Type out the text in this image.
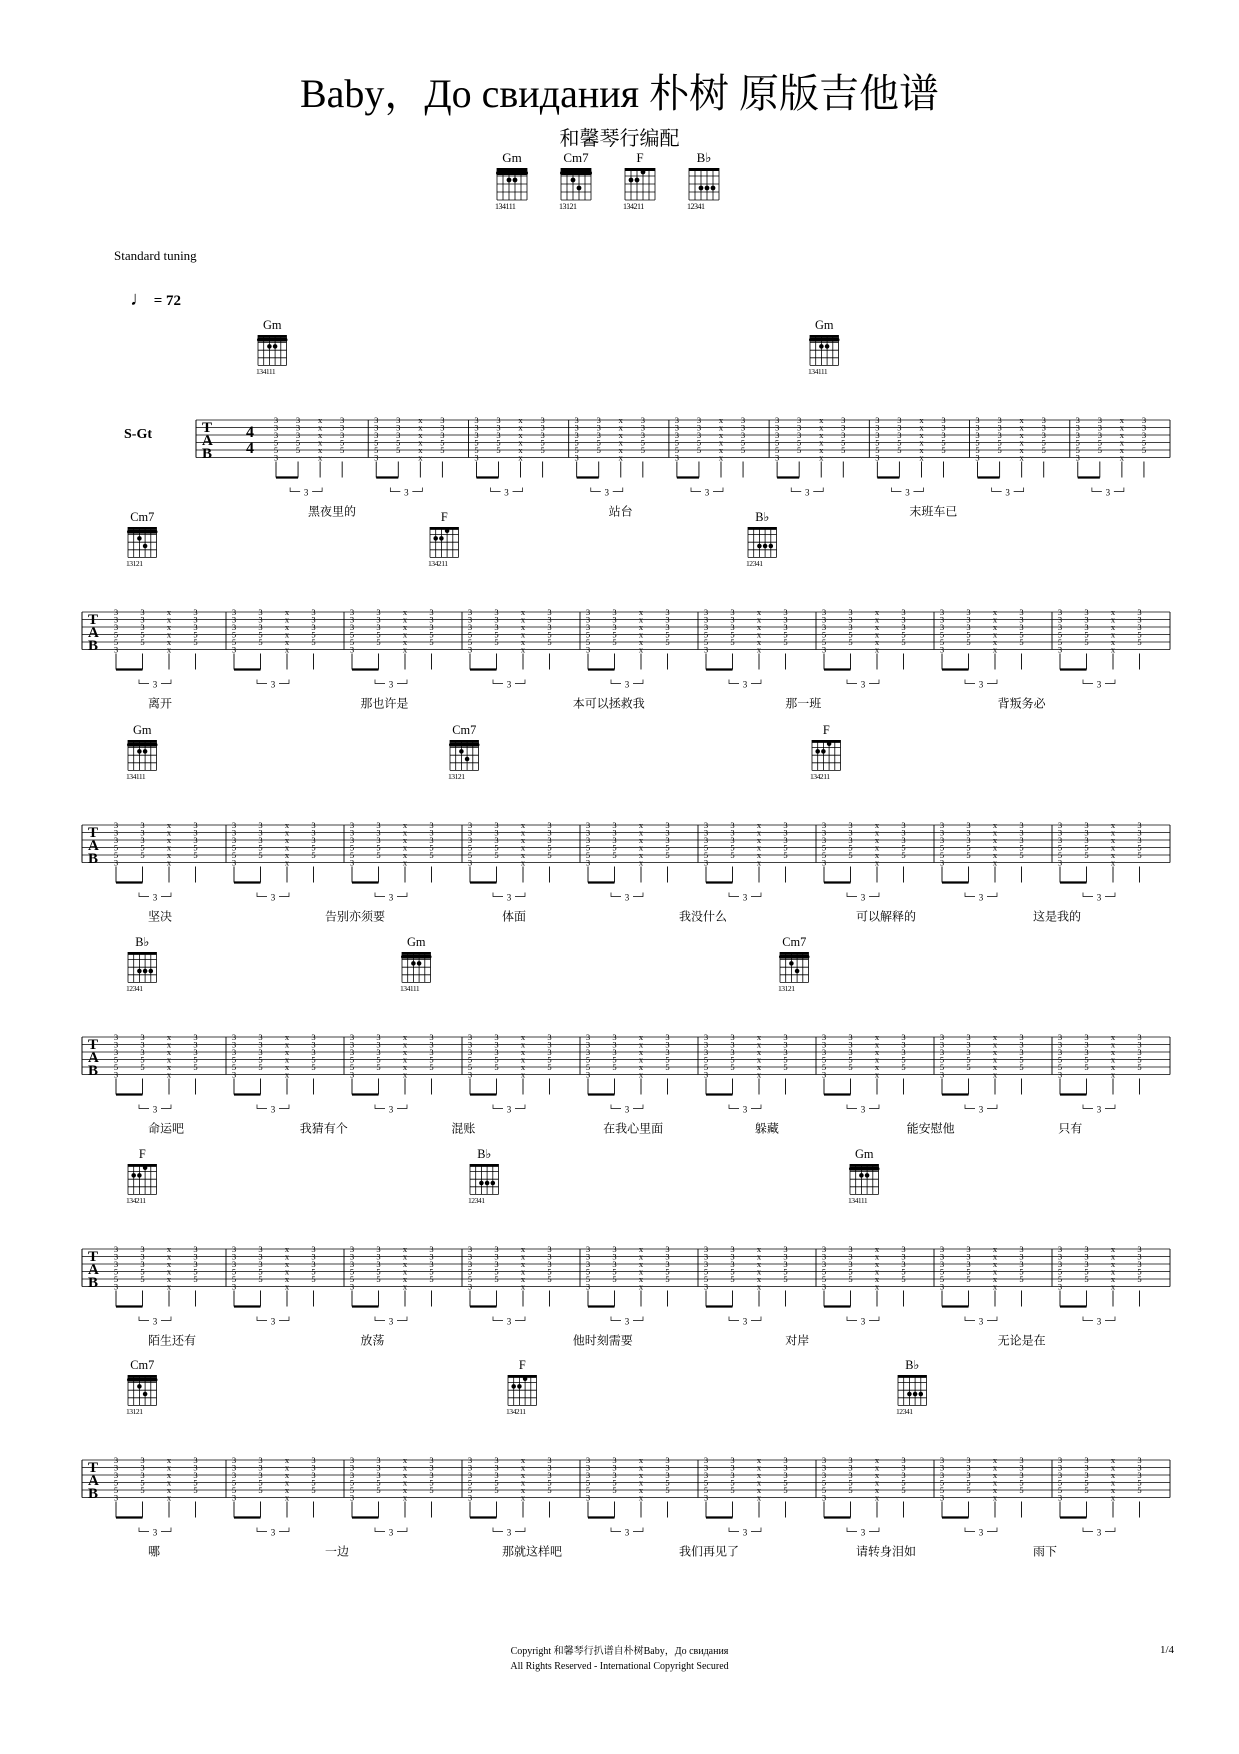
Baby，До свидания 朴树 原版吉他谱
和馨琴行编配
Gm
134111
Cm7
13121
F
134211
B♭
12341
Standard tuning
♩ = 72
Gm
134111
Gm
134111
S-Gt	T
A
B
4
4
3
3
3
5
5
3
3
3
3
5
5
x
x
x
x
x
x
3
3
3
5
5
3
3
3
3
5
5
3
3
3
3
5
5
x
x
x
x
x
x
3
3
3
5
5
3
3
3
3
5
5
3
3
3
3
5
5
x
x
x
x
x
x
3
3
3
5
5
3
3
3
3
5
5
3
3
3
3
5
5
x
x
x
x
x
x
3
3
3
5
5
3
3
3
3
5
5
3
3
3
3
5
5
x
x
x
x
x
x
3
3
3
5
5
3
3
3
3
5
5
3
3
3
3
5
5
x
x
x
x
x
x
3
3
3
5
5
3
3
3
3
5
5
3
3
3
3
5
5
x
x
x
x
x
x
3
3
3
5
5
3
3
3
3
5
5
3
3
3
3
5
5
x
x
x
x
x
x
3
3
3
5
5
3
3
3
3
5
5
3
3
3
3
5
5
x
x
x
x
x
x
3
3
3
5
5
3
黑夜里的	站台	末班车已
Cm7
13121
F
134211
B♭
12341
T
A
B
3
3
3
5
5
3
3
3
3
5
5
x
x
x
x
x
x
3
3
3
5
5
3
3
3
3
5
5
3
3
3
3
5
5
x
x
x
x
x
x
3
3
3
5
5
3
3
3
3
5
5
3
3
3
3
5
5
x
x
x
x
x
x
3
3
3
5
5
3
3
3
3
5
5
3
3
3
3
5
5
x
x
x
x
x
x
3
3
3
5
5
3
3
3
3
5
5
3
3
3
3
5
5
x
x
x
x
x
x
3
3
3
5
5
3
3
3
3
5
5
3
3
3
3
5
5
x
x
x
x
x
x
3
3
3
5
5
3
3
3
3
5
5
3
3
3
3
5
5
x
x
x
x
x
x
3
3
3
5
5
3
3
3
3
5
5
3
3
3
3
5
5
x
x
x
x
x
x
3
3
3
5
5
3
3
3
3
5
5
3
3
3
3
5
5
x
x
x
x
x
x
3
3
3
5
5
3
离开	那也许是	本可以拯救我	那一班	背叛务必
Gm
134111
Cm7
13121
F
134211
T
A
B
3
3
3
5
5
3
3
3
3
5
5
x
x
x
x
x
x
3
3
3
5
5
3
3
3
3
5
5
3
3
3
3
5
5
x
x
x
x
x
x
3
3
3
5
5
3
3
3
3
5
5
3
3
3
3
5
5
x
x
x
x
x
x
3
3
3
5
5
3
3
3
3
5
5
3
3
3
3
5
5
x
x
x
x
x
x
3
3
3
5
5
3
3
3
3
5
5
3
3
3
3
5
5
x
x
x
x
x
x
3
3
3
5
5
3
3
3
3
5
5
3
3
3
3
5
5
x
x
x
x
x
x
3
3
3
5
5
3
3
3
3
5
5
3
3
3
3
5
5
x
x
x
x
x
x
3
3
3
5
5
3
3
3
3
5
5
3
3
3
3
5
5
x
x
x
x
x
x
3
3
3
5
5
3
3
3
3
5
5
3
3
3
3
5
5
x
x
x
x
x
x
3
3
3
5
5
3
坚决	告别亦须要	体面	我没什么	可以解释的	这是我的
B♭
12341
Gm
134111
Cm7
13121
T
A
B
3
3
3
5
5
3
3
3
3
5
5
x
x
x
x
x
x
3
3
3
5
5
3
3
3
3
5
5
3
3
3
3
5
5
x
x
x
x
x
x
3
3
3
5
5
3
3
3
3
5
5
3
3
3
3
5
5
x
x
x
x
x
x
3
3
3
5
5
3
3
3
3
5
5
3
3
3
3
5
5
x
x
x
x
x
x
3
3
3
5
5
3
3
3
3
5
5
3
3
3
3
5
5
x
x
x
x
x
x
3
3
3
5
5
3
3
3
3
5
5
3
3
3
3
5
5
x
x
x
x
x
x
3
3
3
5
5
3
3
3
3
5
5
3
3
3
3
5
5
x
x
x
x
x
x
3
3
3
5
5
3
3
3
3
5
5
3
3
3
3
5
5
x
x
x
x
x
x
3
3
3
5
5
3
3
3
3
5
5
3
3
3
3
5
5
x
x
x
x
x
x
3
3
3
5
5
3
命运吧	我猜有个	混账	在我心里面	躲藏	能安慰他	只有
F
134211
B♭
12341
Gm
134111
T
A
B
3
3
3
5
5
3
3
3
3
5
5
x
x
x
x
x
x
3
3
3
5
5
3
3
3
3
5
5
3
3
3
3
5
5
x
x
x
x
x
x
3
3
3
5
5
3
3
3
3
5
5
3
3
3
3
5
5
x
x
x
x
x
x
3
3
3
5
5
3
3
3
3
5
5
3
3
3
3
5
5
x
x
x
x
x
x
3
3
3
5
5
3
3
3
3
5
5
3
3
3
3
5
5
x
x
x
x
x
x
3
3
3
5
5
3
3
3
3
5
5
3
3
3
3
5
5
x
x
x
x
x
x
3
3
3
5
5
3
3
3
3
5
5
3
3
3
3
5
5
x
x
x
x
x
x
3
3
3
5
5
3
3
3
3
5
5
3
3
3
3
5
5
x
x
x
x
x
x
3
3
3
5
5
3
3
3
3
5
5
3
3
3
3
5
5
x
x
x
x
x
x
3
3
3
5
5
3
陌生还有	放荡	他时刻需要	对岸	无论是在
Cm7
13121
F
134211
B♭
12341
T
A
B
3
3
3
5
5
3
3
3
3
5
5
x
x
x
x
x
x
3
3
3
5
5
3
3
3
3
5
5
3
3
3
3
5
5
x
x
x
x
x
x
3
3
3
5
5
3
3
3
3
5
5
3
3
3
3
5
5
x
x
x
x
x
x
3
3
3
5
5
3
3
3
3
5
5
3
3
3
3
5
5
x
x
x
x
x
x
3
3
3
5
5
3
3
3
3
5
5
3
3
3
3
5
5
x
x
x
x
x
x
3
3
3
5
5
3
3
3
3
5
5
3
3
3
3
5
5
x
x
x
x
x
x
3
3
3
5
5
3
3
3
3
5
5
3
3
3
3
5
5
x
x
x
x
x
x
3
3
3
5
5
3
3
3
3
5
5
3
3
3
3
5
5
x
x
x
x
x
x
3
3
3
5
5
3
3
3
3
5
5
3
3
3
3
5
5
x
x
x
x
x
x
3
3
3
5
5
3
哪	一边	那就这样吧	我们再见了	请转身泪如	雨下
Copyright 和馨琴行扒谱自朴树Baby，До свидания
All Rights Reserved - International Copyright Secured
1/4
